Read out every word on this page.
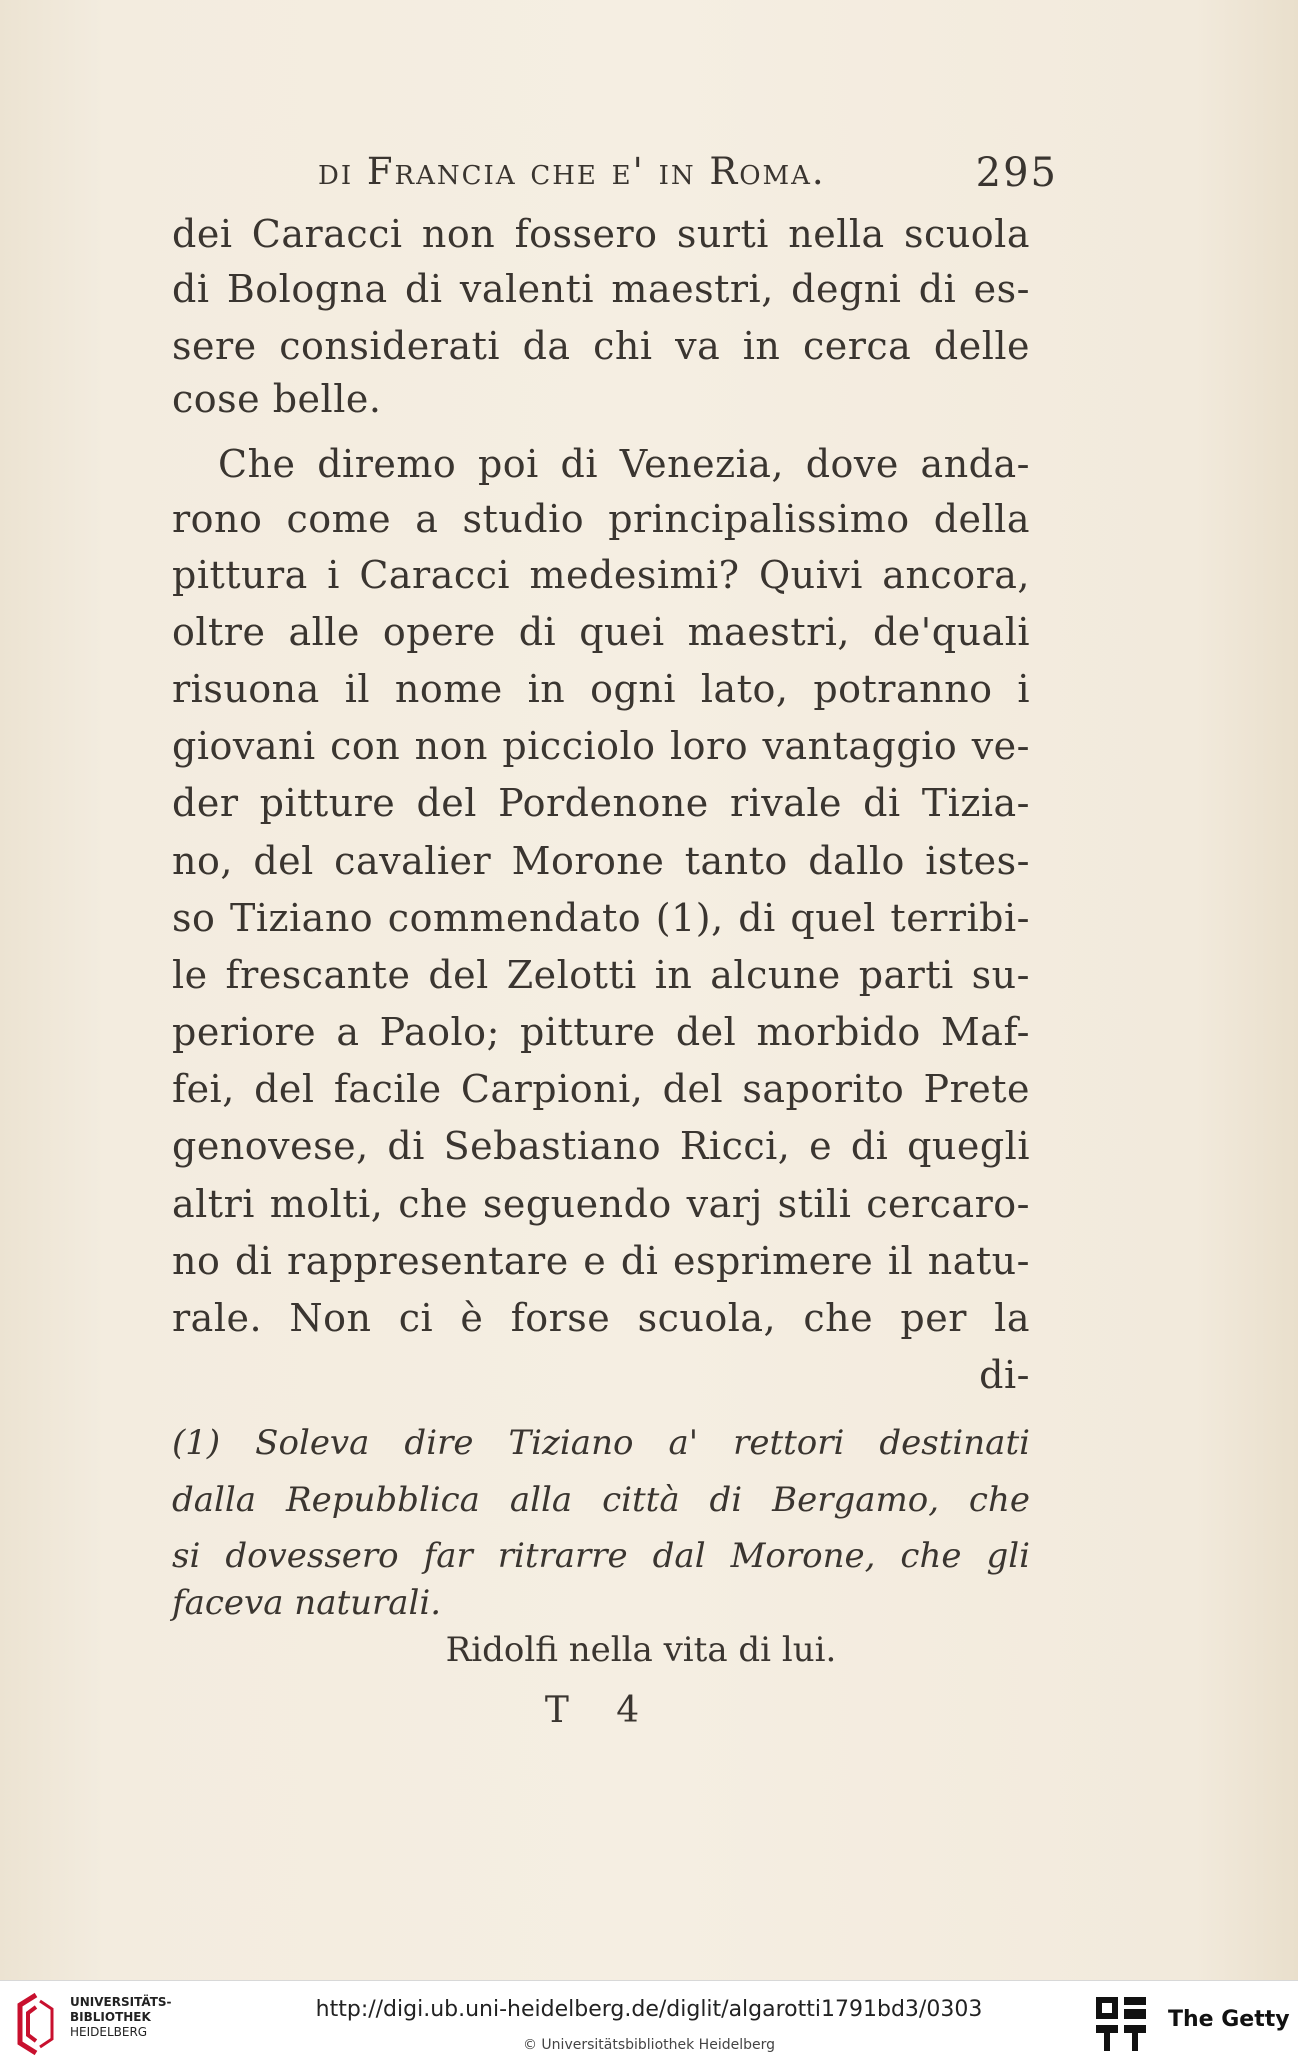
di Francia che e' in Roma.	295
dei Caracci non fossero surti nella scuola
di Bologna di valenti maestri, degni di es-
sere considerati da chi va in cerca delle
cose belle.
Che diremo poi di Venezia, dove anda-
rono come a studio principalissimo della
pittura i Caracci medesimi? Quivi ancora,
oltre alle opere di quei maestri, de'quali
risuona il nome in ogni lato, potranno i
giovani con non picciolo loro vantaggio ve-
der pitture del Pordenone rivale di Tizia-
no, del cavalier Morone tanto dallo istes-
so Tiziano commendato (1), di quel terribi-
le frescante del Zelotti in alcune parti su-
periore a Paolo; pitture del morbido Maf-
fei, del facile Carpioni, del saporito Prete
genovese, di Sebastiano Ricci, e di quegli
altri molti, che seguendo varj stili cercaro-
no di rappresentare e di esprimere il natu-
rale. Non ci è forse scuola, che per la
di-
(1) Soleva dire Tiziano a' rettori destinati
dalla Repubblica alla città di Bergamo, che
si dovessero far ritrarre dal Morone, che gli
faceva naturali.
Ridolfi nella vita di lui.
T 4
UNIVERSITÄTS-
BIBLIOTHEK
HEIDELBERG
http://digi.ub.uni-heidelberg.de/diglit/algarotti1791bd3/0303
© Universitätsbibliothek Heidelberg
The Getty
